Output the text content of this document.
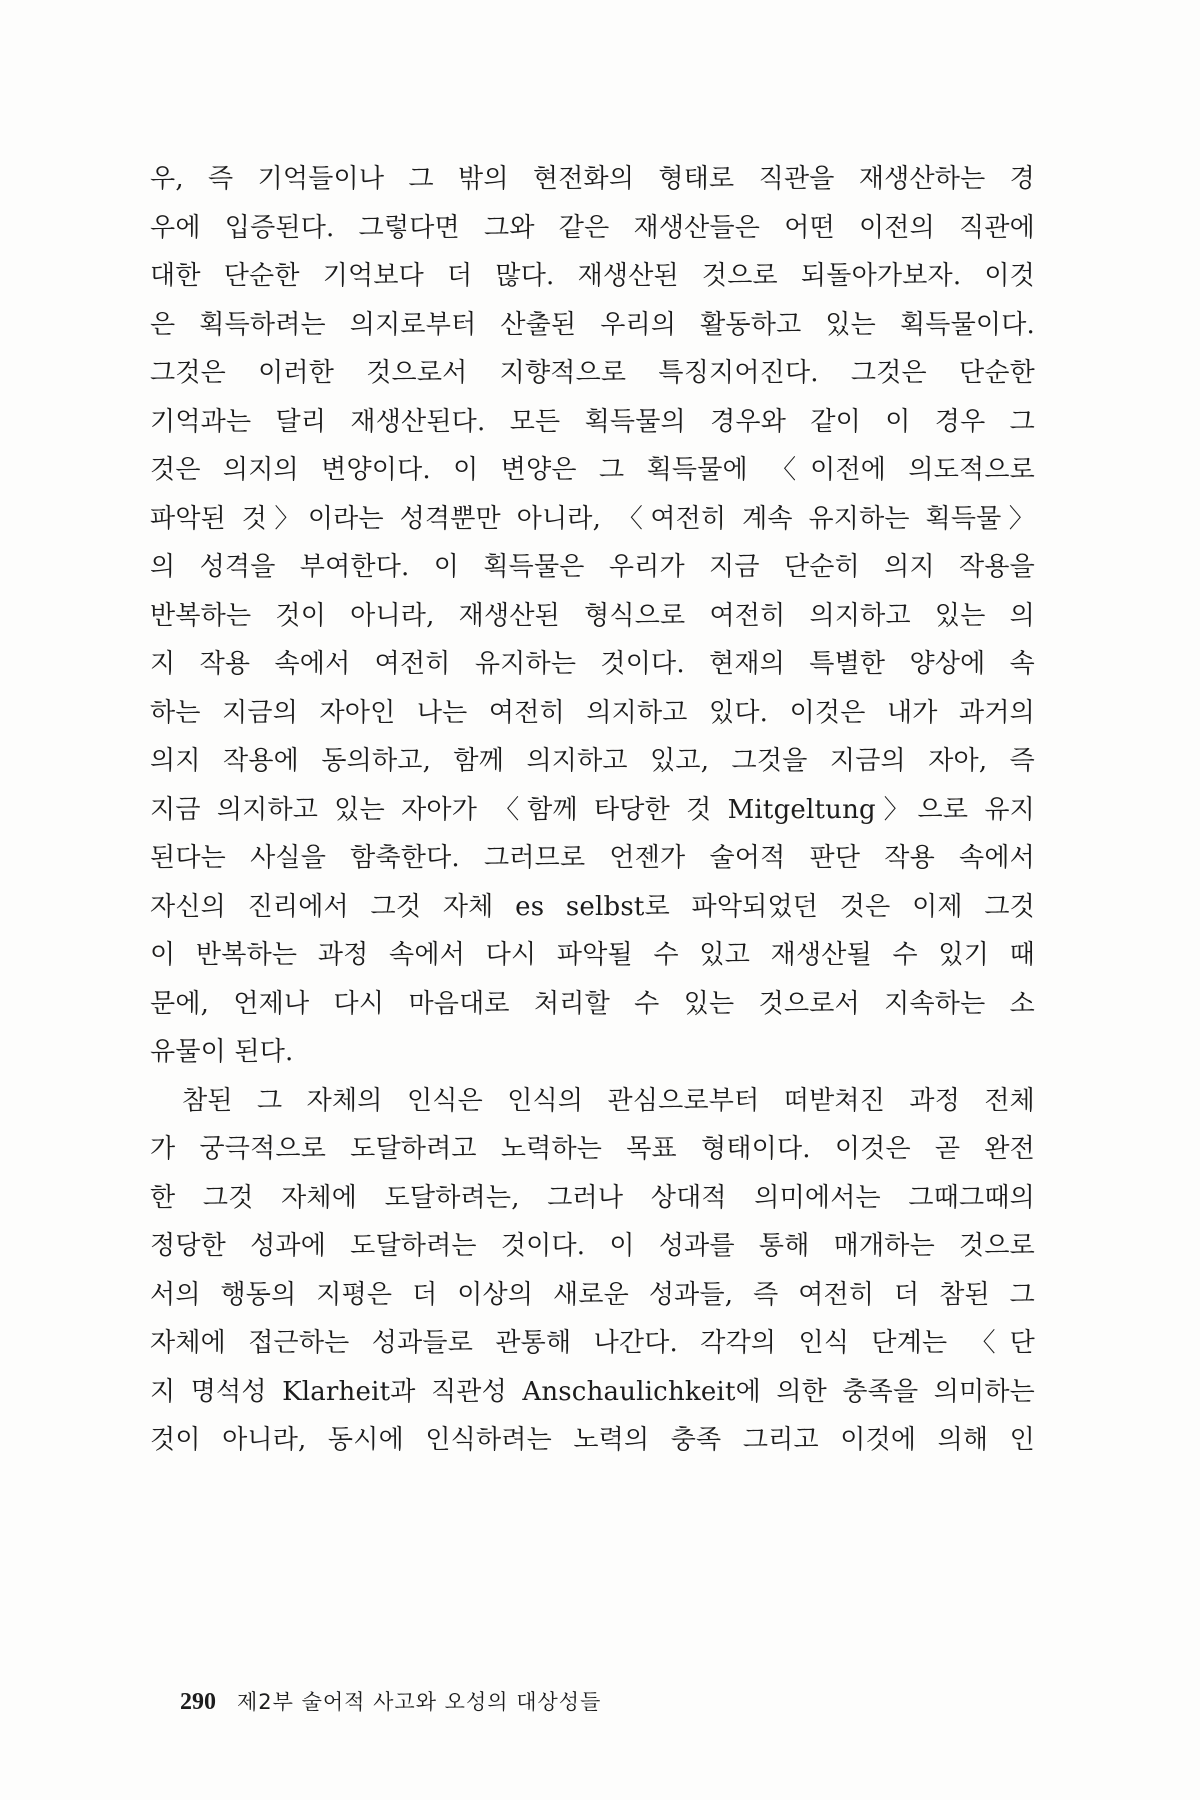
우, 즉 기억들이나 그 밖의 현전화의 형태로 직관을 재생산하는 경
우에 입증된다. 그렇다면 그와 같은 재생산들은 어떤 이전의 직관에
대한 단순한 기억보다 더 많다. 재생산된 것으로 되돌아가보자. 이것
은 획득하려는 의지로부터 산출된 우리의 활동하고 있는 획득물이다.
그것은 이러한 것으로서 지향적으로 특징지어진다. 그것은 단순한
기억과는 달리 재생산된다. 모든 획득물의 경우와 같이 이 경우 그
것은 의지의 변양이다. 이 변양은 그 획득물에 〈이전에 의도적으로
파악된 것〉이라는 성격뿐만 아니라, 〈여전히 계속 유지하는 획득물〉
의 성격을 부여한다. 이 획득물은 우리가 지금 단순히 의지 작용을
반복하는 것이 아니라, 재생산된 형식으로 여전히 의지하고 있는 의
지 작용 속에서 여전히 유지하는 것이다. 현재의 특별한 양상에 속
하는 지금의 자아인 나는 여전히 의지하고 있다. 이것은 내가 과거의
의지 작용에 동의하고, 함께 의지하고 있고, 그것을 지금의 자아, 즉
지금 의지하고 있는 자아가 〈함께 타당한 것 Mitgeltung〉으로 유지
된다는 사실을 함축한다. 그러므로 언젠가 술어적 판단 작용 속에서
자신의 진리에서 그것 자체 es selbst로 파악되었던 것은 이제 그것
이 반복하는 과정 속에서 다시 파악될 수 있고 재생산될 수 있기 때
문에, 언제나 다시 마음대로 처리할 수 있는 것으로서 지속하는 소
유물이 된다.
참된 그 자체의 인식은 인식의 관심으로부터 떠받쳐진 과정 전체
가 궁극적으로 도달하려고 노력하는 목표 형태이다. 이것은 곧 완전
한 그것 자체에 도달하려는, 그러나 상대적 의미에서는 그때그때의
정당한 성과에 도달하려는 것이다. 이 성과를 통해 매개하는 것으로
서의 행동의 지평은 더 이상의 새로운 성과들, 즉 여전히 더 참된 그
자체에 접근하는 성과들로 관통해 나간다. 각각의 인식 단계는 〈단
지 명석성 Klarheit과 직관성 Anschaulichkeit에 의한 충족을 의미하는
것이 아니라, 동시에 인식하려는 노력의 충족 그리고 이것에 의해 인
290 제2부 술어적 사고와 오성의 대상성들
